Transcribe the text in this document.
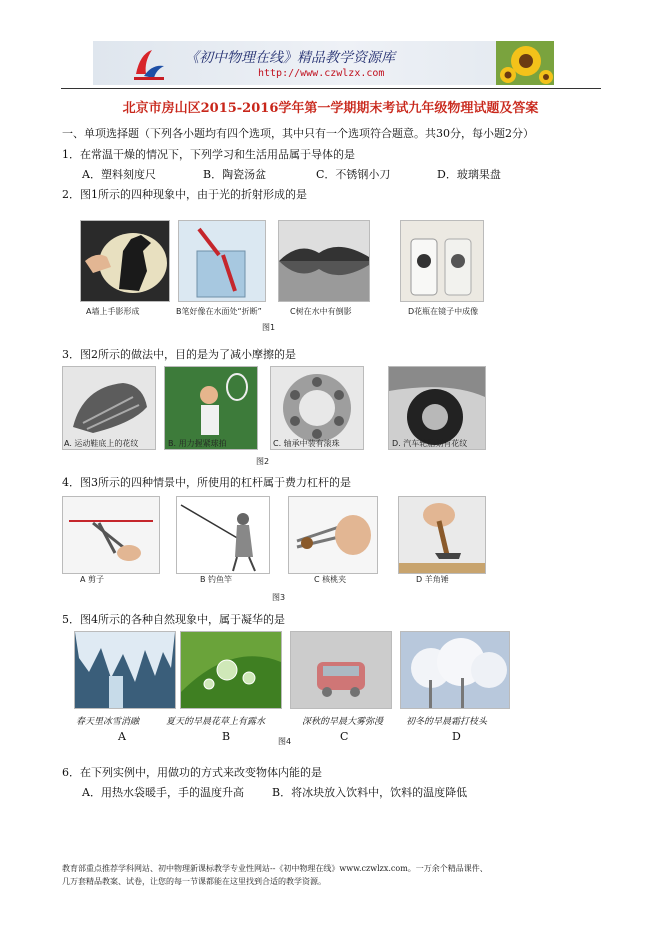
《初中物理在线》精品教学资源库
http://www.czwlzx.com
北京市房山区2015-2016学年第一学期期末考试九年级物理试题及答案
一、单项选择题（下列各小题均有四个选项，其中只有一个选项符合题意。共30分，每小题2分）
1．在常温干燥的情况下，下列学习和生活用品属于导体的是
A．塑料刻度尺	B．陶瓷汤盆	C．不锈钢小刀	D．玻璃果盘
2．图1所示的四种现象中，由于光的折射形成的是
A墙上手影形成	B笔好像在水面处“折断”	C树在水中有倒影	D花瓶在镜子中成像
图1
3．图2所示的做法中，目的是为了减小摩擦的是
A. 运动鞋底上的花纹	B. 用力握紧球拍	C. 轴承中装有滚珠	D. 汽车轮胎刻有花纹
图2
4．图3所示的四种情景中，所使用的杠杆属于费力杠杆的是
A 剪子	B 钓鱼竿	C 核桃夹	D 羊角锤
图3
5．图4所示的各种自然现象中，属于凝华的是
春天里冰雪消融	夏天的早晨花草上有露水	深秋的早晨大雾弥漫	初冬的早晨霜打枝头
A	B	图4	C	D
6．在下列实例中，用做功的方式来改变物体内能的是
A．用热水袋暖手，手的温度升高	B．将冰块放入饮料中，饮料的温度降低
教育部重点推荐学科网站、初中物理新课标教学专业性网站--《初中物理在线》www.czwlzx.com。一万余个精品课件、
几万套精品教案、试卷，让您的每一节课都能在这里找到合适的教学资源。
